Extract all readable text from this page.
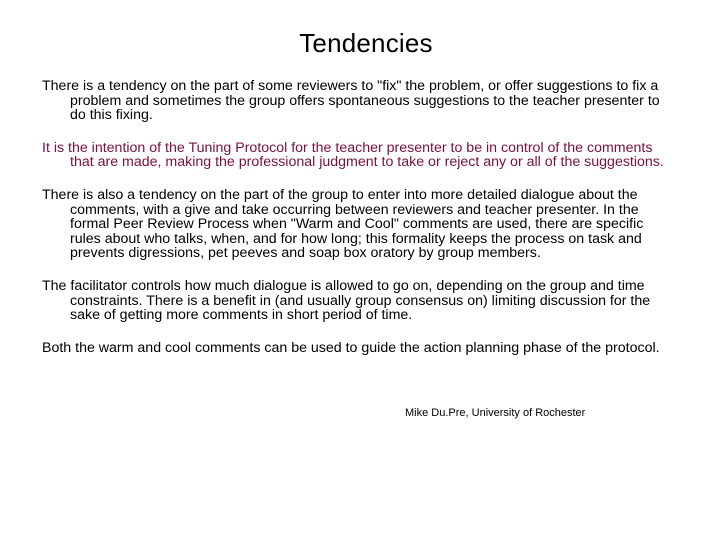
Tendencies
There is a tendency on the part of some reviewers to "fix" the problem, or offer suggestions to fix a problem and sometimes the group offers spontaneous suggestions to the teacher presenter to do this fixing.
It is the intention of the Tuning Protocol for the teacher presenter to be in control of the comments that are made, making the professional judgment to take or reject any or all of the suggestions.
There is also a tendency on the part of the group to enter into more detailed dialogue about the comments, with a give and take occurring between reviewers and teacher presenter. In the formal Peer Review Process when "Warm and Cool" comments are used, there are specific rules about who talks, when, and for how long; this formality keeps the process on task and prevents digressions, pet peeves and soap box oratory by group members.
The facilitator controls how much dialogue is allowed to go on, depending on the group and time constraints. There is a benefit in (and usually group consensus on) limiting discussion for the sake of getting more comments in short period of time.
Both the warm and cool comments can be used to guide the action planning phase of the protocol.
Mike Du.Pre, University of Rochester
